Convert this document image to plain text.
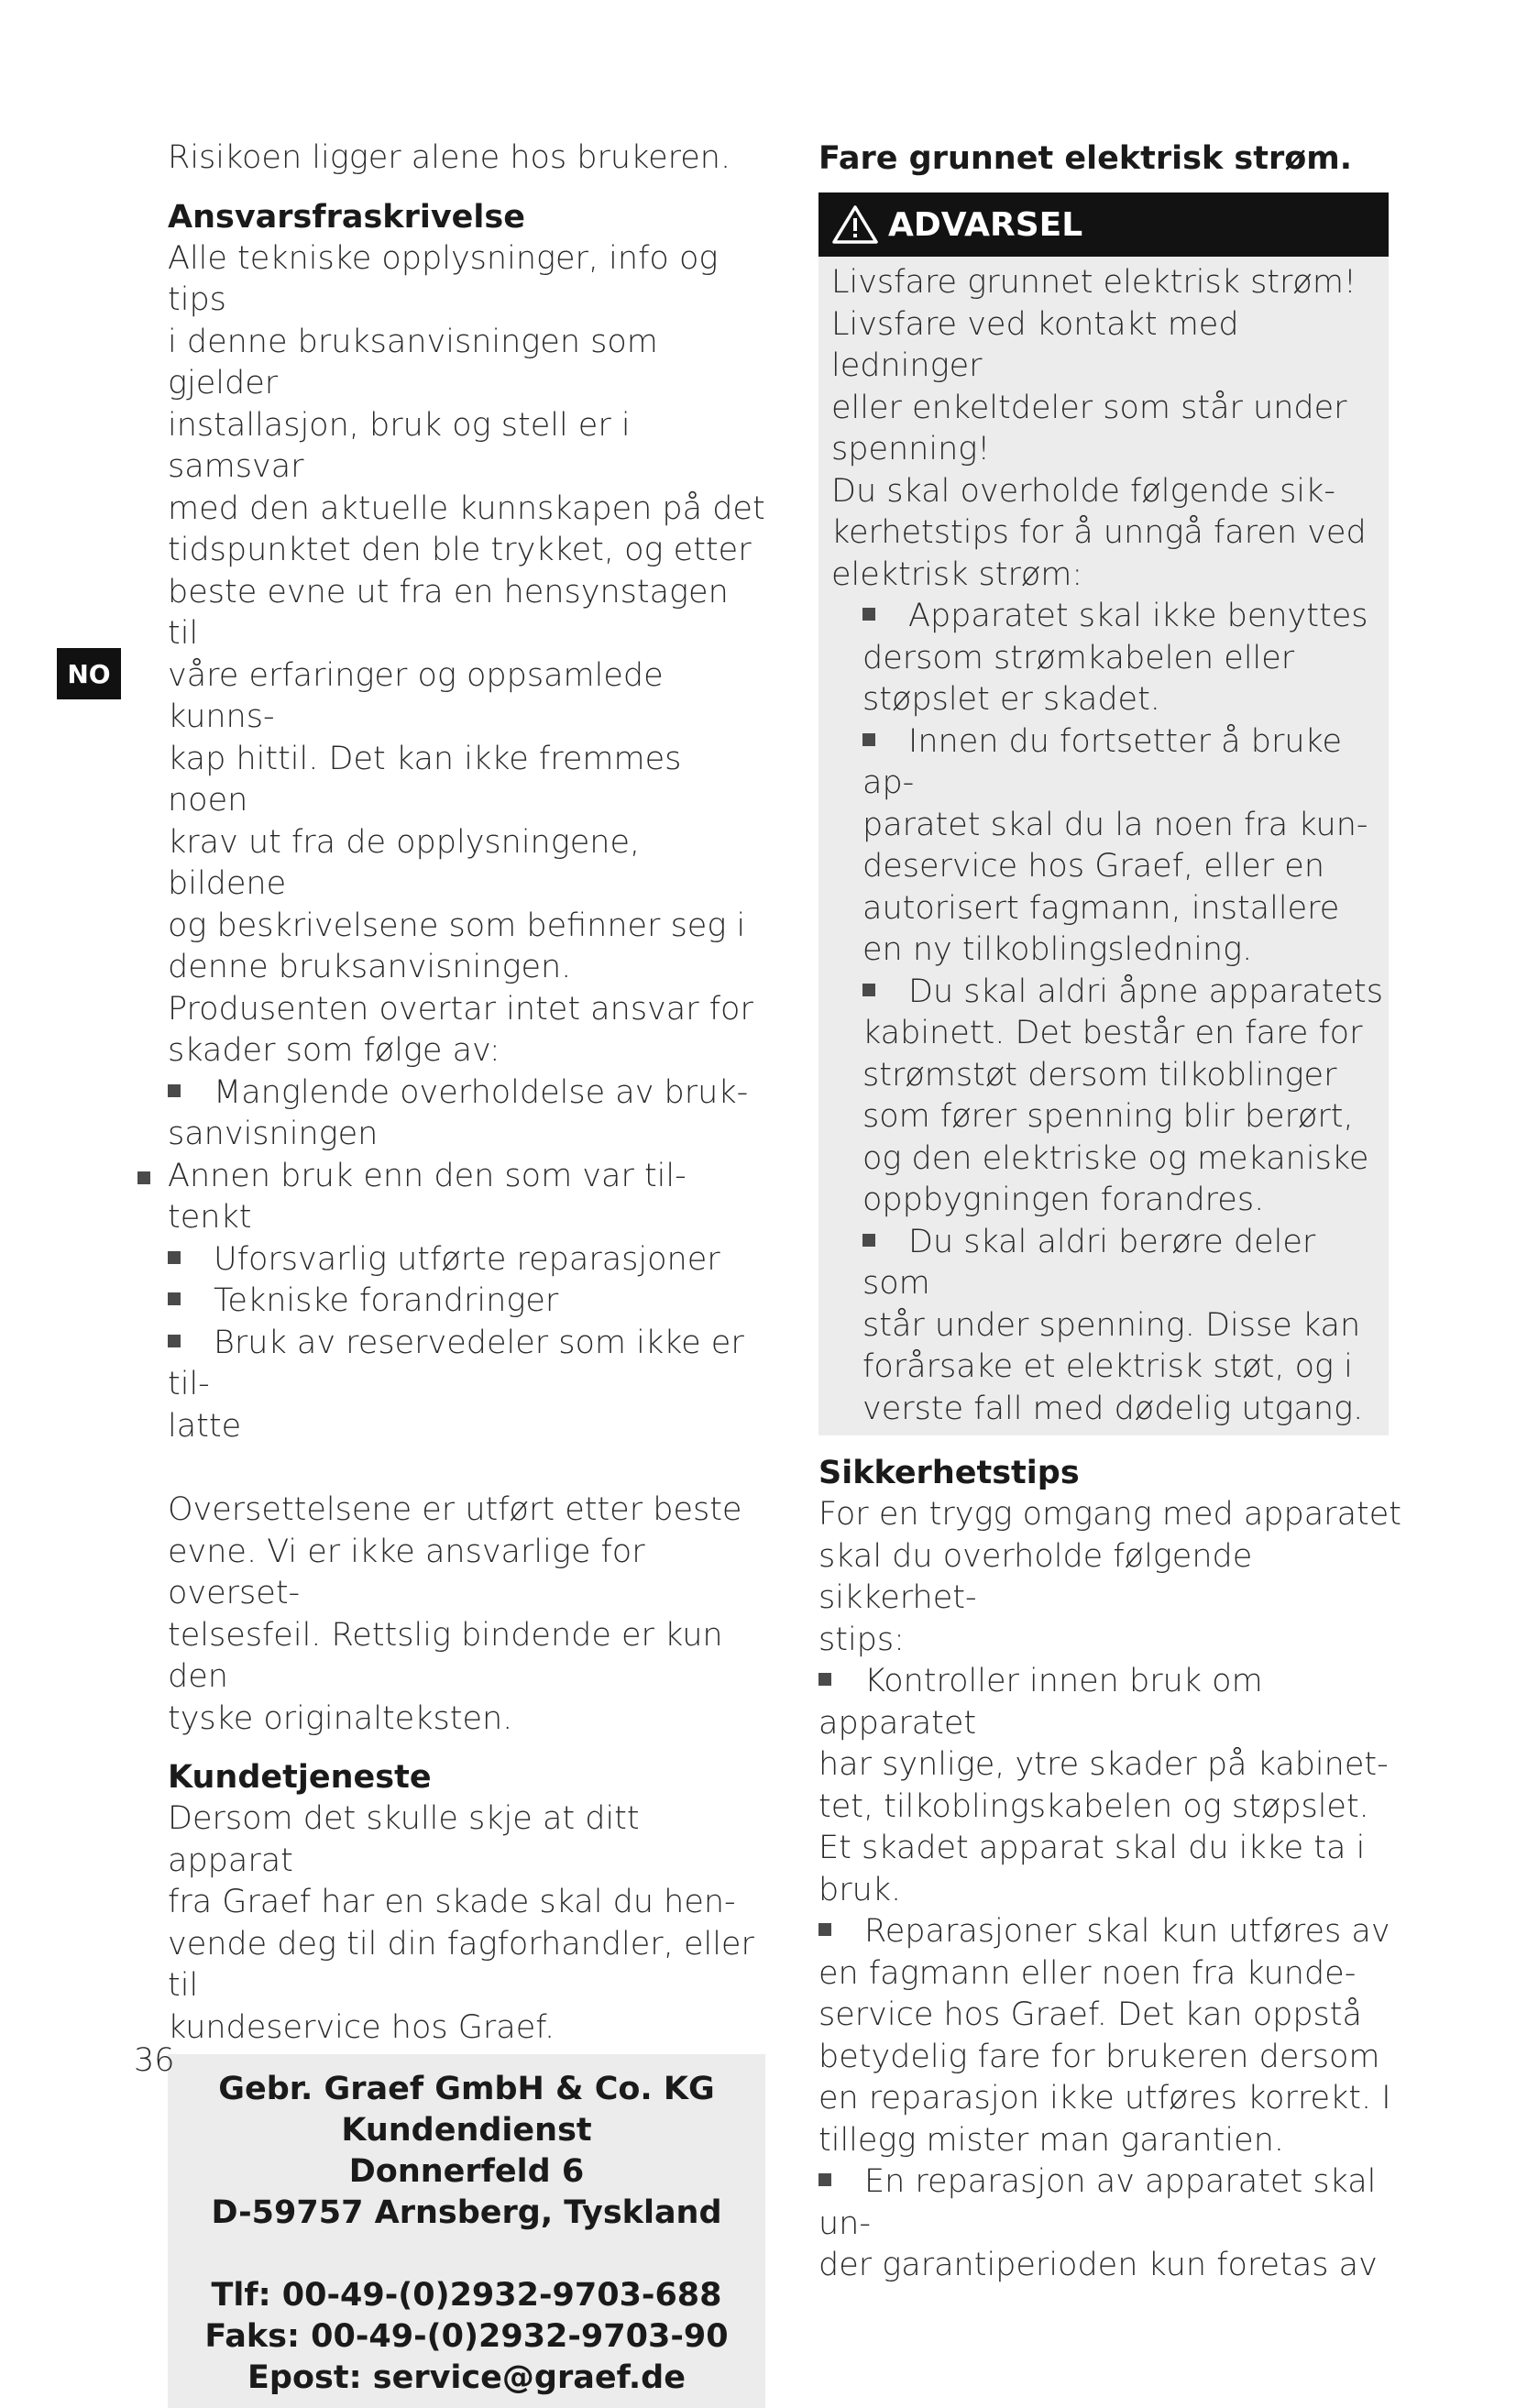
NO

Risikoen ligger alene hos brukeren.

Ansvarsfraskrivelse

Alle tekniske opplysninger, info og tips

i denne bruksanvisningen som gjelder

installasjon, bruk og stell er i samsvar

med den aktuelle kunnskapen på det

tidspunktet den ble trykket, og etter

beste evne ut fra en hensynstagen til

våre erfaringer og oppsamlede kunns-

kap hittil. Det kan ikke fremmes noen

krav ut fra de opplysningene, bildene

og beskrivelsene som befinner seg i

denne bruksanvisningen.

Produsenten overtar intet ansvar for

skader som følge av:

Manglende overholdelse av bruk-

sanvisningen

Annen bruk enn den som var til-

tenkt

Uforsvarlig utførte reparasjoner

Tekniske forandringer

Bruk av reservedeler som ikke er til-

latte

Oversettelsene er utført etter beste

evne. Vi er ikke ansvarlige for overset-

telsesfeil. Rettslig bindende er kun den

tyske originalteksten.

Kundetjeneste

Dersom det skulle skje at ditt apparat

fra Graef har en skade skal du hen-

vende deg til din fagforhandler, eller til

kundeservice hos Graef.

Gebr. Graef GmbH & Co. KG
Kundendienst
Donnerfeld 6
D-59757 Arnsberg, Tyskland
Tlf: 00-49-(0)2932-9703-688
Faks: 00-49-(0)2932-9703-90
Epost: service@graef.de
Fare grunnet elektrisk strøm.
ADVARSEL

Livsfare grunnet elektrisk strøm!

Livsfare ved kontakt med ledninger

eller enkeltdeler som står under

spenning!

Du skal overholde følgende sik-

kerhetstips for å unngå faren ved

elektrisk strøm:

Apparatet skal ikke benyttes

dersom strømkabelen eller

støpslet er skadet.

Innen du fortsetter å bruke ap-

paratet skal du la noen fra kun-

deservice hos Graef, eller en

autorisert fagmann, installere

en ny tilkoblingsledning.

Du skal aldri åpne apparatets

kabinett. Det består en fare for

strømstøt dersom tilkoblinger

som fører spenning blir berørt,

og den elektriske og mekaniske

oppbygningen forandres.

Du skal aldri berøre deler som

står under spenning. Disse kan

forårsake et elektrisk støt, og i

verste fall med dødelig utgang.

Sikkerhetstips

For en trygg omgang med apparatet

skal du overholde følgende sikkerhet-

stips:

Kontroller innen bruk om apparatet

har synlige, ytre skader på kabinet-

tet, tilkoblingskabelen og støpslet.

Et skadet apparat skal du ikke ta i

bruk.

Reparasjoner skal kun utføres av

en fagmann eller noen fra kunde-

service hos Graef. Det kan oppstå

betydelig fare for brukeren dersom

en reparasjon ikke utføres korrekt. I

tillegg mister man garantien.

En reparasjon av apparatet skal un-

der garantiperioden kun foretas av

36
